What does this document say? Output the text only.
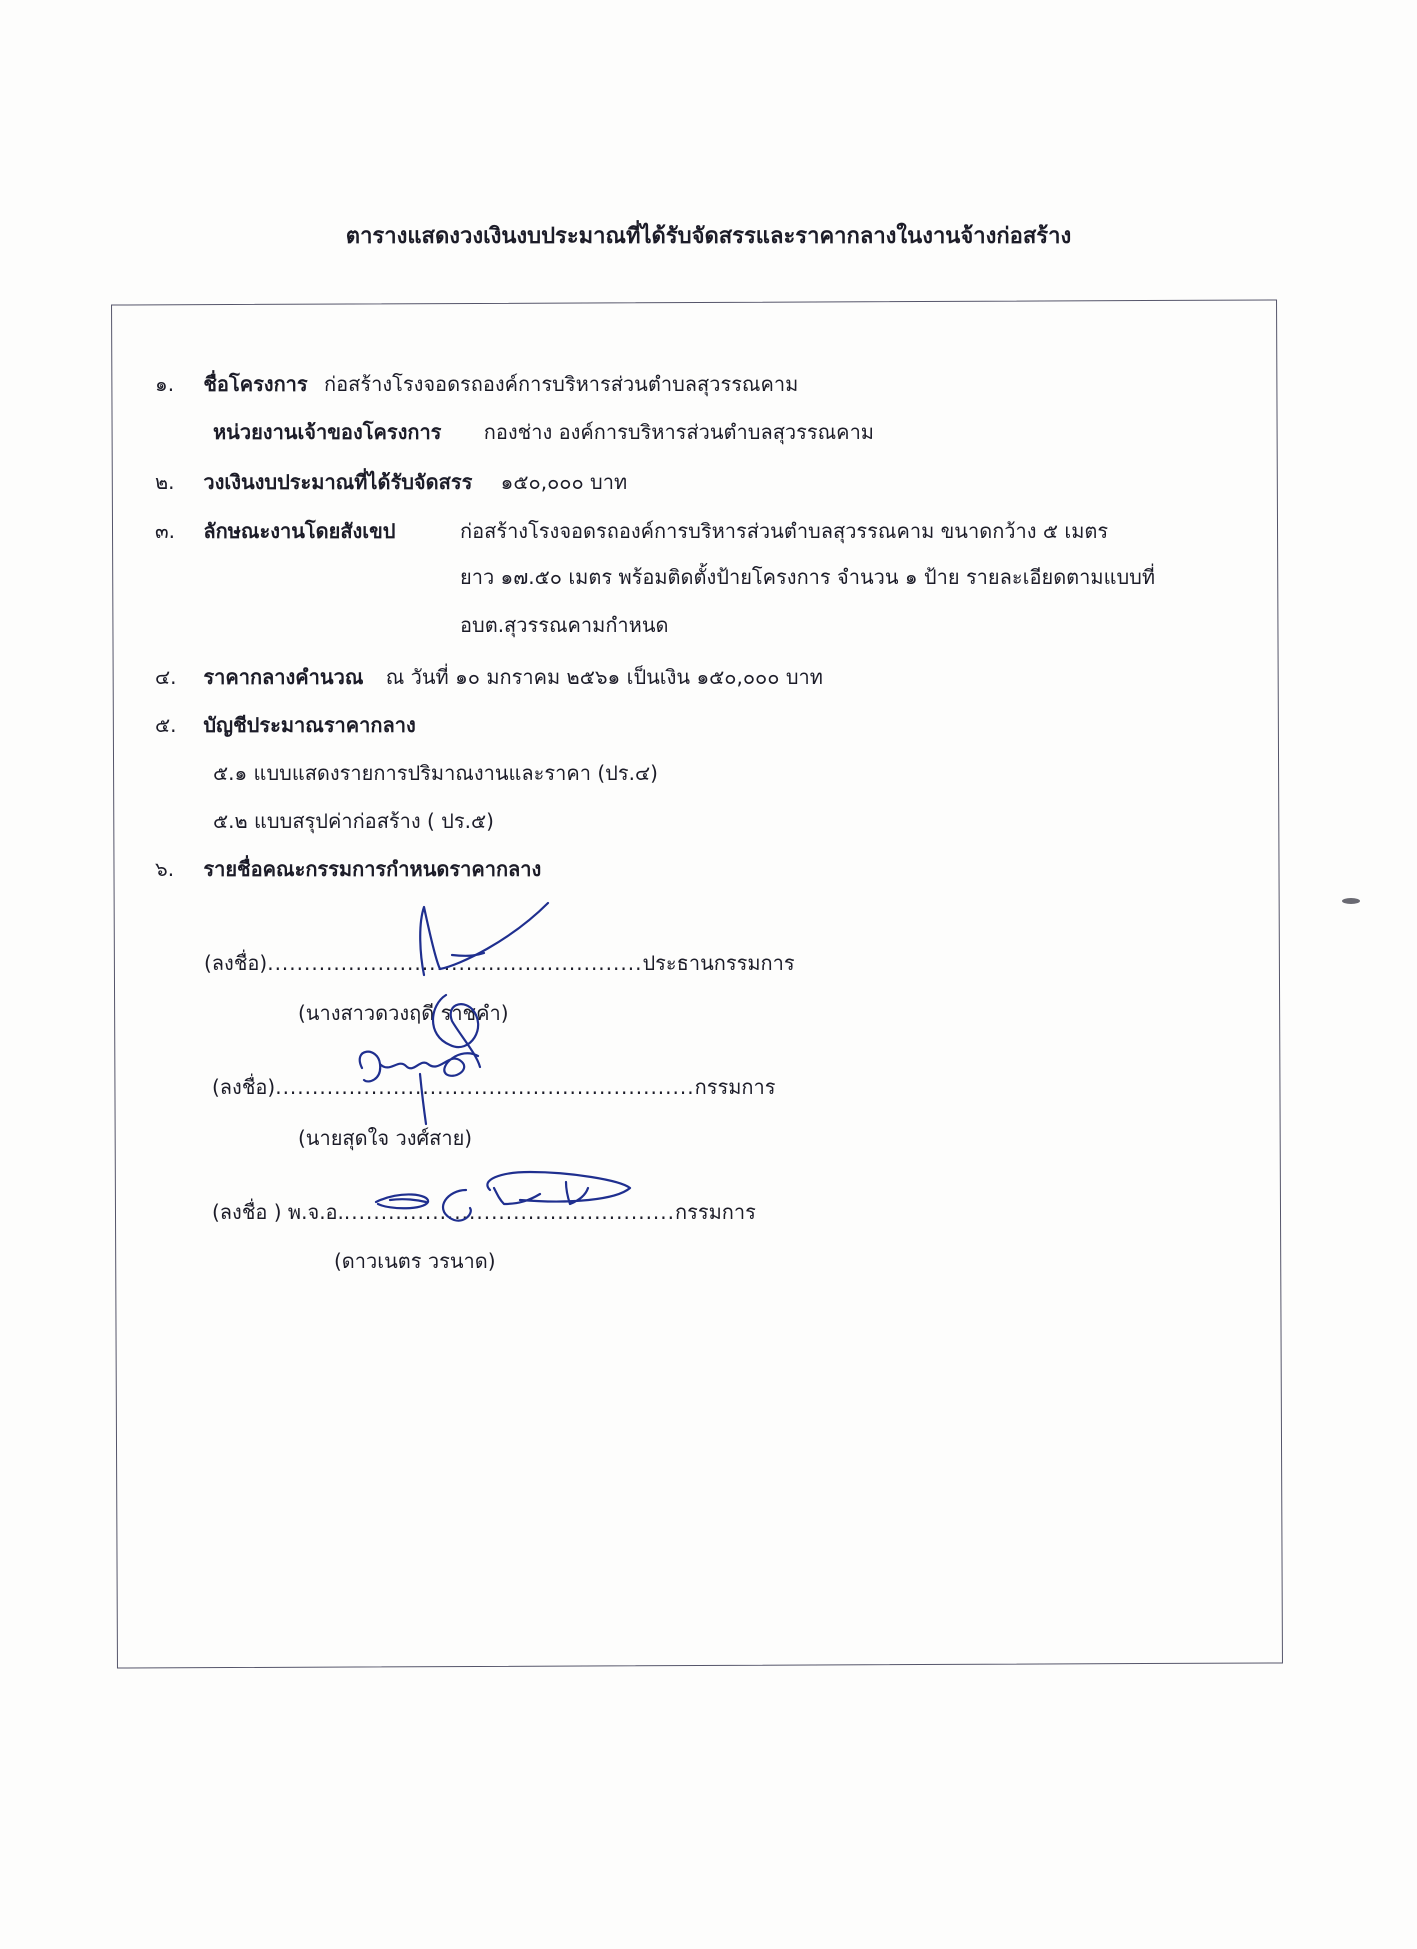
ตารางแสดงวงเงินงบประมาณที่ได้รับจัดสรรและราคากลางในงานจ้างก่อสร้าง
๑. ชื่อโครงการ ก่อสร้างโรงจอดรถองค์การบริหารส่วนตำบลสุวรรณคาม
หน่วยงานเจ้าของโครงการ กองช่าง องค์การบริหารส่วนตำบลสุวรรณคาม
๒. วงเงินงบประมาณที่ได้รับจัดสรร ๑๕๐,๐๐๐ บาท
๓. ลักษณะงานโดยสังเขป	ก่อสร้างโรงจอดรถองค์การบริหารส่วนตำบลสุวรรณคาม ขนาดกว้าง ๕ เมตร
ยาว ๑๗.๕๐ เมตร พร้อมติดตั้งป้ายโครงการ จำนวน ๑ ป้าย รายละเอียดตามแบบที่
อบต.สุวรรณคามกำหนด
๔. ราคากลางคำนวณ ณ วันที่ ๑๐ มกราคม ๒๕๖๑ เป็นเงิน ๑๕๐,๐๐๐ บาท
๕. บัญชีประมาณราคากลาง
๕.๑ แบบแสดงรายการปริมาณงานและราคา (ปร.๔)
๕.๒ แบบสรุปค่าก่อสร้าง ( ปร.๕)
๖. รายชื่อคณะกรรมการกำหนดราคากลาง
(ลงชื่อ)...................................................ประธานกรรมการ
(นางสาวดวงฤดี ราชคำ)
(ลงชื่อ).........................................................กรรมการ
(นายสุดใจ วงศ์สาย)
(ลงชื่อ ) พ.จ.อ..............................................กรรมการ
(ดาวเนตร วรนาด)
